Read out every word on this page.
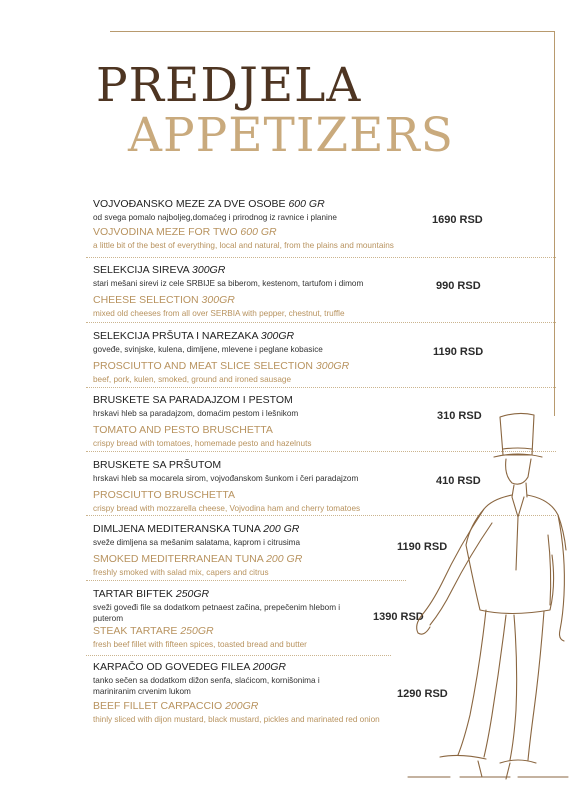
PREDJELA
APPETIZERS
VOJVOĐANSKO MEZE ZA DVE OSOBE 600 GR
od svega pomalo najboljeg,domaćeg i prirodnog iz ravnice i planine
VOJVODINA MEZE FOR TWO 600 GR
a little bit of the best of everything, local and natural, from the plains and mountains
1690 RSD
SELEKCIJA SIREVA 300GR
stari mešani sirevi iz cele SRBIJE sa biberom, kestenom, tartufom i dimom
CHEESE SELECTION 300GR
mixed old cheeses from all over SERBIA with pepper, chestnut, truffle
990 RSD
SELEKCIJA PRŠUTA I NAREZAKA 300GR
goveđe, svinjske, kulena, dimljene, mlevene i peglane kobasice
PROSCIUTTO AND MEAT SLICE SELECTION 300GR
beef, pork, kulen, smoked, ground and ironed sausage
1190 RSD
BRUSKETE SA PARADAJZOM I PESTOM
hrskavi hleb sa paradajzom, domaćim pestom i lešnikom
TOMATO AND PESTO BRUSCHETTA
crispy bread with tomatoes, homemade pesto and hazelnuts
310 RSD
BRUSKETE SA PRŠUTOM
hrskavi hleb sa mocarela sirom, vojvođanskom šunkom i čeri paradajzom
PROSCIUTTO BRUSCHETTA
crispy bread with mozzarella cheese, Vojvodina ham and cherry tomatoes
410 RSD
DIMLJENA MEDITERANSKA TUNA 200 GR
sveže dimljena sa mešanim salatama, kaprom i citrusima
SMOKED MEDITERRANEAN TUNA 200 GR
freshly smoked with salad mix, capers and citrus
1190 RSD
TARTAR BIFTEK 250GR
sveži goveđi file sa dodatkom petnaest začina, prepečenim hlebom i puterom
STEAK TARTARE 250GR
fresh beef fillet with fifteen spices, toasted bread and butter
1390 RSD
KARPAČO OD GOVEDEG FILEA 200GR
tanko sečen sa dodatkom dižon senfa, slaćicom, kornišonima i mariniranim crvenim lukom
BEEF FILLET CARPACCIO 200GR
thinly sliced with dijon mustard, black mustard, pickles and marinated red onion
1290 RSD
